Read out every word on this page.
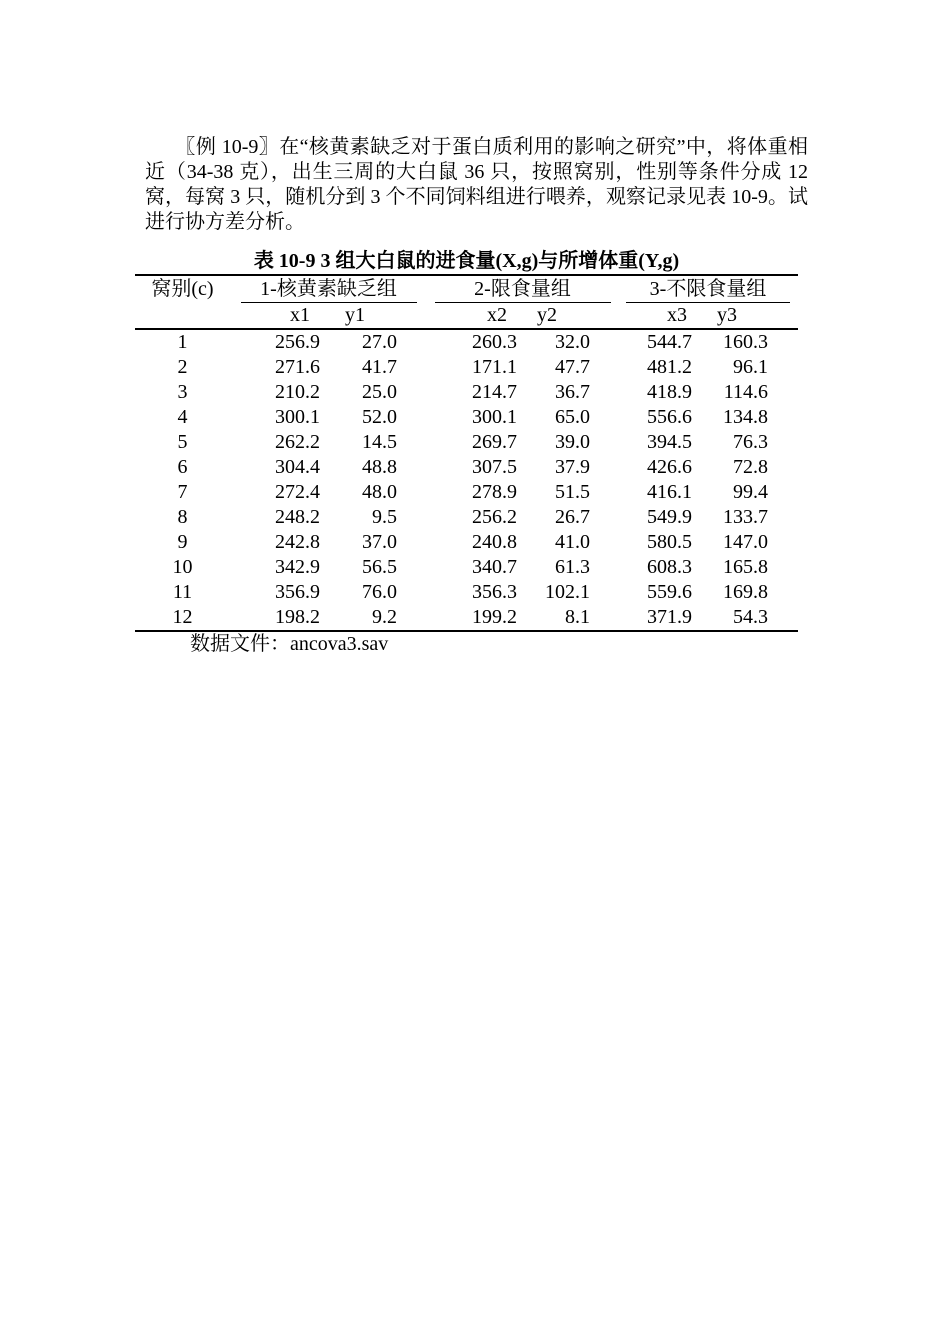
〖例 10-9〗在“核黄素缺乏对于蛋白质利用的影响之研究”中，将体重相近（34-38 克），出生三周的大白鼠 36 只，按照窝别，性别等条件分成 12 窝，每窝 3 只，随机分到 3 个不同饲料组进行喂养，观察记录见表 10-9。试进行协方差分析。

表 10-9 3 组大白鼠的进食量(X,g)与所增体重(Y,g)
窝别(c)	1-核黄素缺乏组		2-限食量组		3-不限食量组	

	x1	y1	x2	y2	x3	y3
1	256.9	27.0	260.3	32.0	544.7	160.3
2	271.6	41.7	171.1	47.7	481.2	96.1
3	210.2	25.0	214.7	36.7	418.9	114.6
4	300.1	52.0	300.1	65.0	556.6	134.8
5	262.2	14.5	269.7	39.0	394.5	76.3
6	304.4	48.8	307.5	37.9	426.6	72.8
7	272.4	48.0	278.9	51.5	416.1	99.4
8	248.2	9.5	256.2	26.7	549.9	133.7
9	242.8	37.0	240.8	41.0	580.5	147.0
10	342.9	56.5	340.7	61.3	608.3	165.8
11	356.9	76.0	356.3	102.1	559.6	169.8
12	198.2	9.2	199.2	8.1	371.9	54.3
数据文件：ancova3.sav
